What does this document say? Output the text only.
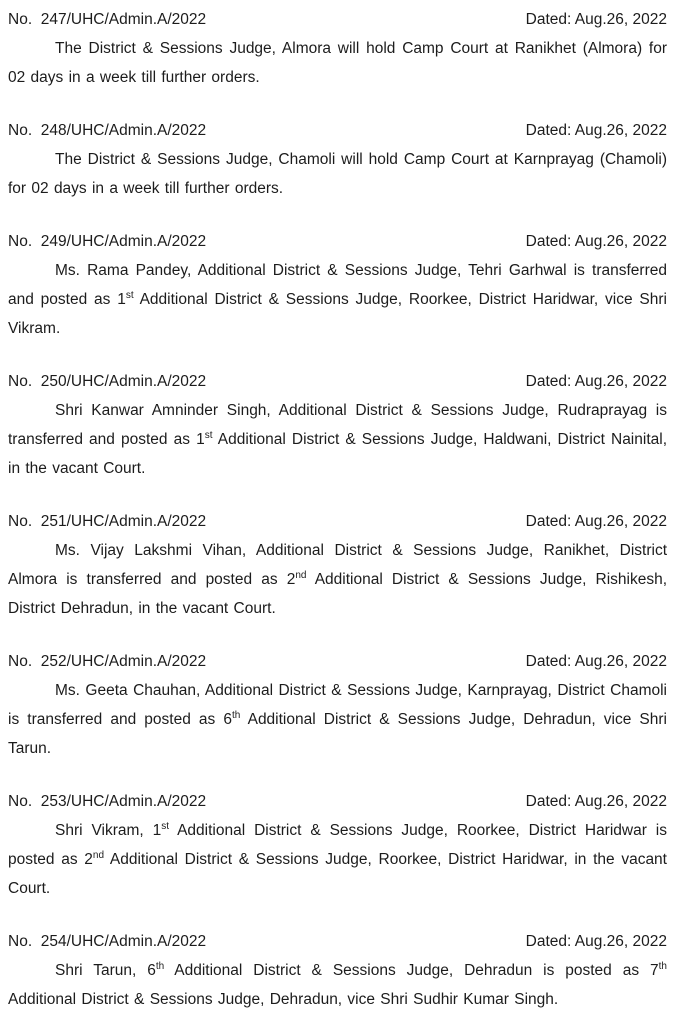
No.  247/UHC/Admin.A/2022	Dated: Aug.26, 2022

The District & Sessions Judge, Almora will hold Camp Court at Ranikhet (Almora) for 02 days in a week till further orders.

No.  248/UHC/Admin.A/2022	Dated: Aug.26, 2022

The District & Sessions Judge, Chamoli will hold Camp Court at Karnprayag (Chamoli) for 02 days in a week till further orders.

No.  249/UHC/Admin.A/2022	Dated: Aug.26, 2022

Ms. Rama Pandey, Additional District & Sessions Judge, Tehri Garhwal is transferred and posted as 1st Additional District & Sessions Judge, Roorkee, District Haridwar, vice Shri Vikram.

No.  250/UHC/Admin.A/2022	Dated: Aug.26, 2022

Shri Kanwar Amninder Singh, Additional District & Sessions Judge, Rudraprayag is transferred and posted as 1st Additional District & Sessions Judge, Haldwani, District Nainital, in the vacant Court.

No.  251/UHC/Admin.A/2022	Dated: Aug.26, 2022

Ms. Vijay Lakshmi Vihan, Additional District & Sessions Judge, Ranikhet, District Almora is transferred and posted as 2nd Additional District & Sessions Judge, Rishikesh, District Dehradun, in the vacant Court.

No.  252/UHC/Admin.A/2022	Dated: Aug.26, 2022

Ms. Geeta Chauhan, Additional District & Sessions Judge, Karnprayag, District Chamoli is transferred and posted as 6th Additional District & Sessions Judge, Dehradun, vice Shri Tarun.

No.  253/UHC/Admin.A/2022	Dated: Aug.26, 2022

Shri Vikram, 1st Additional District & Sessions Judge, Roorkee, District Haridwar is posted as 2nd Additional District & Sessions Judge, Roorkee, District Haridwar, in the vacant Court.

No.  254/UHC/Admin.A/2022	Dated: Aug.26, 2022

Shri Tarun, 6th Additional District & Sessions Judge, Dehradun is posted as 7th Additional District & Sessions Judge, Dehradun, vice Shri Sudhir Kumar Singh.
